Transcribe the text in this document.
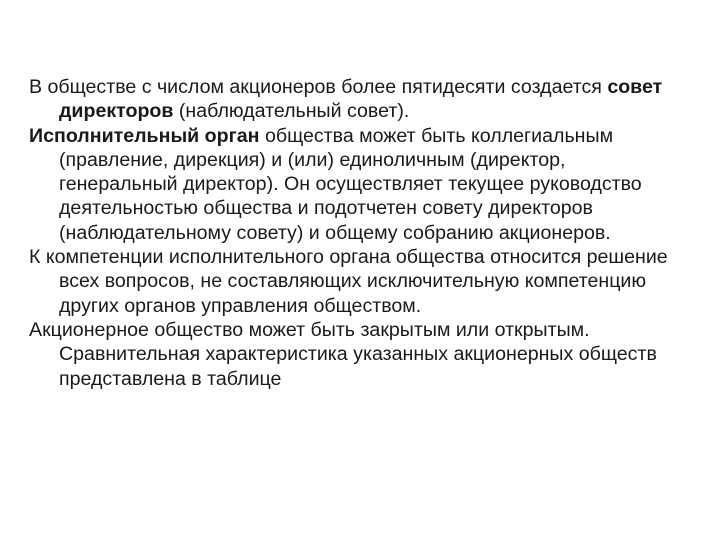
В обществе с числом акционеров более пятидесяти создается совет директоров (наблюдательный совет).

Исполнительный орган общества может быть коллегиальным (правление, дирекция) и (или) единоличным (директор, генеральный директор). Он осуществляет текущее руководство деятельностью общества и подотчетен совету директоров (наблюдательному совету) и общему собранию акционеров.

К компетенции исполнительного органа общества относится решение всех вопросов, не составляющих исключительную компетенцию других органов управления обществом.

Акционерное общество может быть закрытым или открытым. Сравнительная характеристика указанных акционерных обществ представлена в таблице
